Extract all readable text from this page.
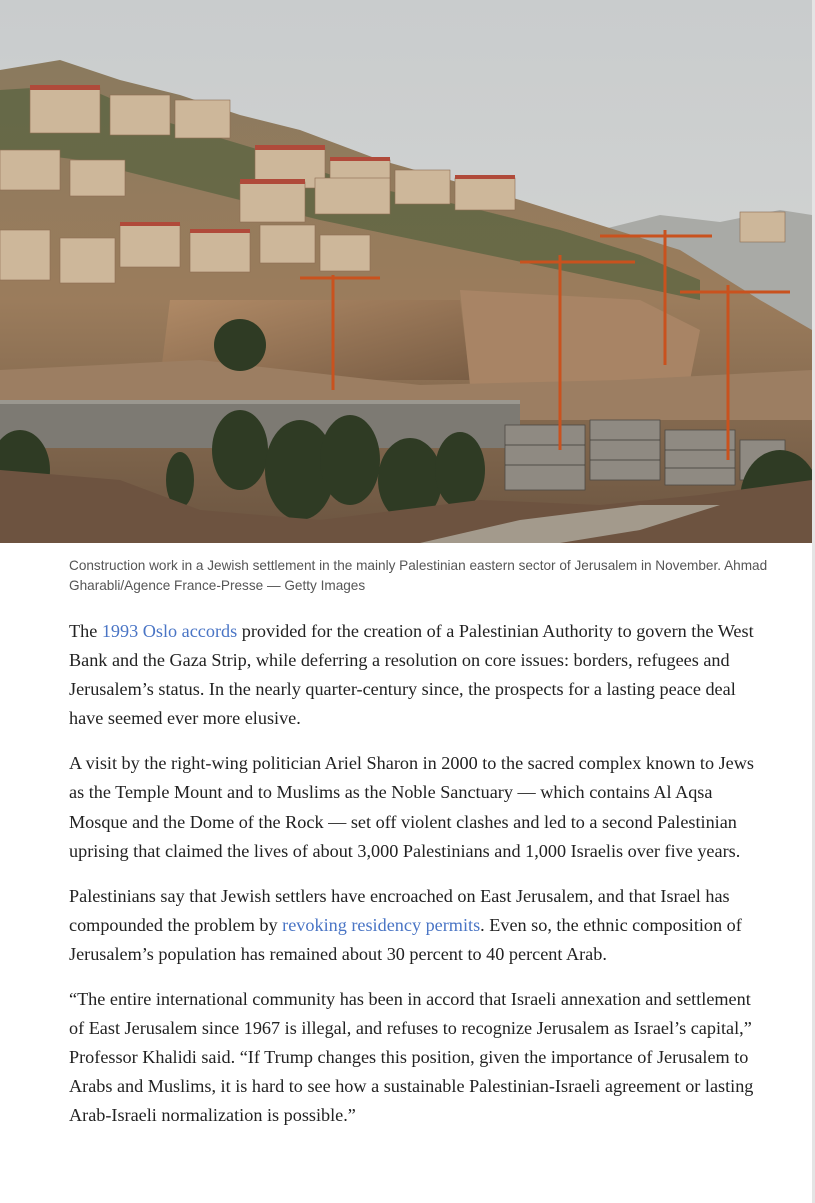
Construction work in a Jewish settlement in the mainly Palestinian eastern sector of Jerusalem in November. Ahmad Gharabli/Agence France-Presse — Getty Images

The 1993 Oslo accords provided for the creation of a Palestinian Authority to govern the West Bank and the Gaza Strip, while deferring a resolution on core issues: borders, refugees and Jerusalem’s status. In the nearly quarter-century since, the prospects for a lasting peace deal have seemed ever more elusive.

A visit by the right-wing politician Ariel Sharon in 2000 to the sacred complex known to Jews as the Temple Mount and to Muslims as the Noble Sanctuary — which contains Al Aqsa Mosque and the Dome of the Rock — set off violent clashes and led to a second Palestinian uprising that claimed the lives of about 3,000 Palestinians and 1,000 Israelis over five years.

Palestinians say that Jewish settlers have encroached on East Jerusalem, and that Israel has compounded the problem by revoking residency permits. Even so, the ethnic composition of Jerusalem’s population has remained about 30 percent to 40 percent Arab.

“The entire international community has been in accord that Israeli annexation and settlement of East Jerusalem since 1967 is illegal, and refuses to recognize Jerusalem as Israel’s capital,” Professor Khalidi said. “If Trump changes this position, given the importance of Jerusalem to Arabs and Muslims, it is hard to see how a sustainable Palestinian-Israeli agreement or lasting Arab-Israeli normalization is possible.”
